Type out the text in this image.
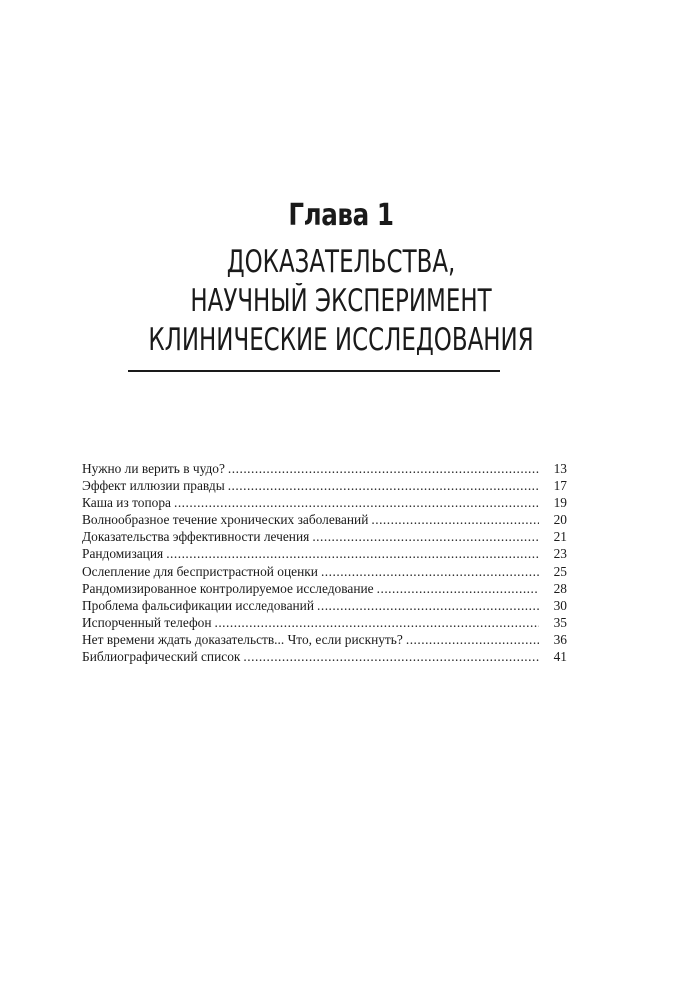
Глава 1
ДОКАЗАТЕЛЬСТВА,
НАУЧНЫЙ ЭКСПЕРИМЕНТ
КЛИНИЧЕСКИЕ ИССЛЕДОВАНИЯ
Нужно ли верить в чудо? .....	13
Эффект иллюзии правды .....	17
Каша из топора .....	19
Волнообразное течение хронических заболеваний .....	20
Доказательства эффективности лечения .....	21
Рандомизация .....	23
Ослепление для беспристрастной оценки .....	25
Рандомизированное контролируемое исследование .....	28
Проблема фальсификации исследований .....	30
Испорченный телефон .....	35
Нет времени ждать доказательств... Что, если рискнуть? .....	36
Библиографический список .....	41
